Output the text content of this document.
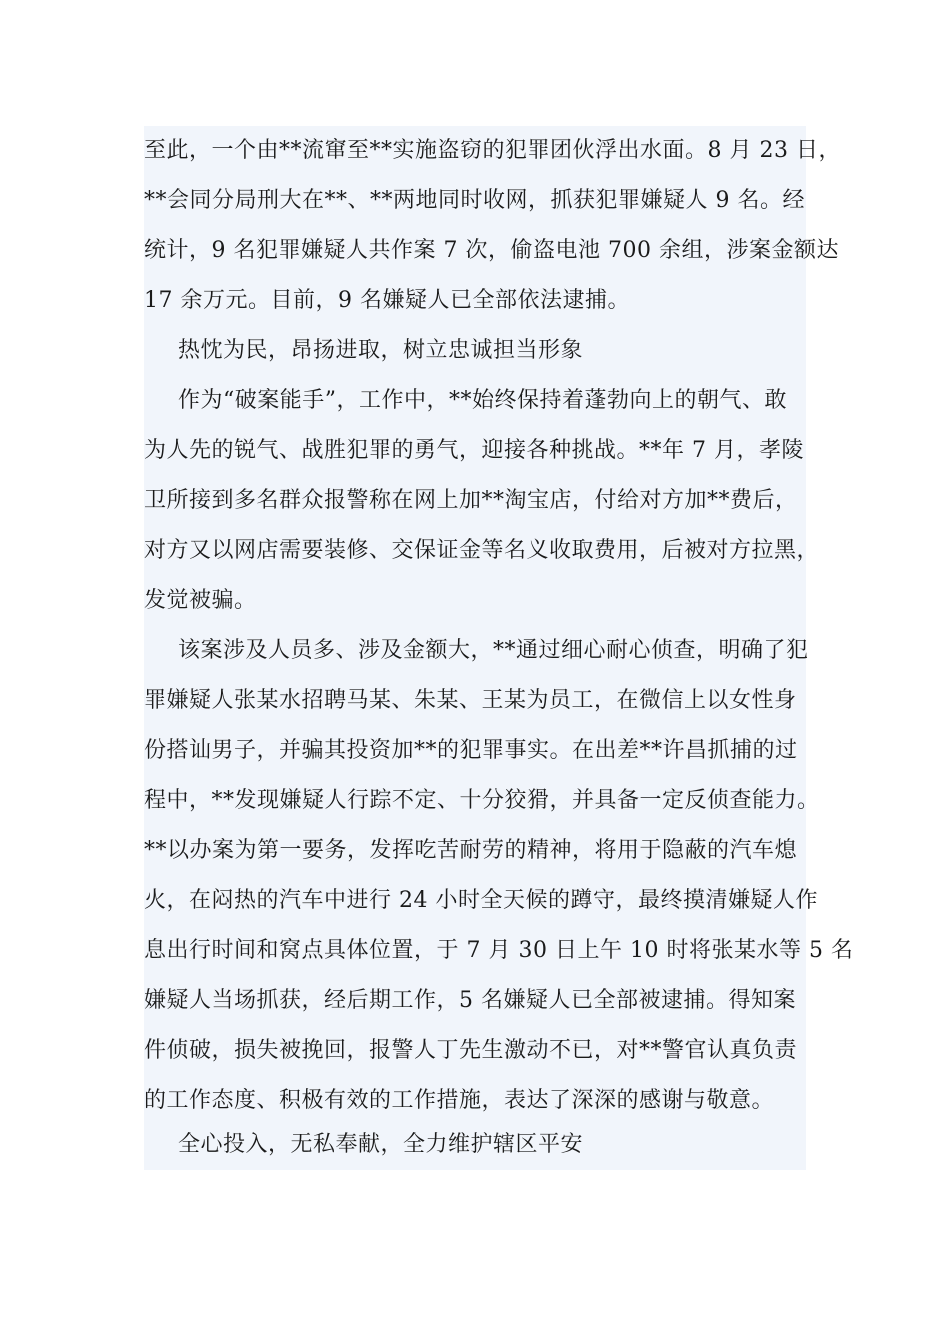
至此，一个由**流窜至**实施盗窃的犯罪团伙浮出水面。8 月 23 日，
**会同分局刑大在**、**两地同时收网，抓获犯罪嫌疑人 9 名。经
统计，9 名犯罪嫌疑人共作案 7 次，偷盗电池 700 余组，涉案金额达
17 余万元。目前，9 名嫌疑人已全部依法逮捕。
热忱为民，昂扬进取，树立忠诚担当形象
作为“破案能手”，工作中，**始终保持着蓬勃向上的朝气、敢
为人先的锐气、战胜犯罪的勇气，迎接各种挑战。**年 7 月，孝陵
卫所接到多名群众报警称在网上加**淘宝店，付给对方加**费后，
对方又以网店需要装修、交保证金等名义收取费用，后被对方拉黑，
发觉被骗。
该案涉及人员多、涉及金额大，**通过细心耐心侦查，明确了犯
罪嫌疑人张某水招聘马某、朱某、王某为员工，在微信上以女性身
份搭讪男子，并骗其投资加**的犯罪事实。在出差**许昌抓捕的过
程中，**发现嫌疑人行踪不定、十分狡猾，并具备一定反侦查能力。
**以办案为第一要务，发挥吃苦耐劳的精神，将用于隐蔽的汽车熄
火，在闷热的汽车中进行 24 小时全天候的蹲守，最终摸清嫌疑人作
息出行时间和窝点具体位置，于 7 月 30 日上午 10 时将张某水等 5 名
嫌疑人当场抓获，经后期工作，5 名嫌疑人已全部被逮捕。得知案
件侦破，损失被挽回，报警人丁先生激动不已，对**警官认真负责
的工作态度、积极有效的工作措施，表达了深深的感谢与敬意。
全心投入，无私奉献，全力维护辖区平安
